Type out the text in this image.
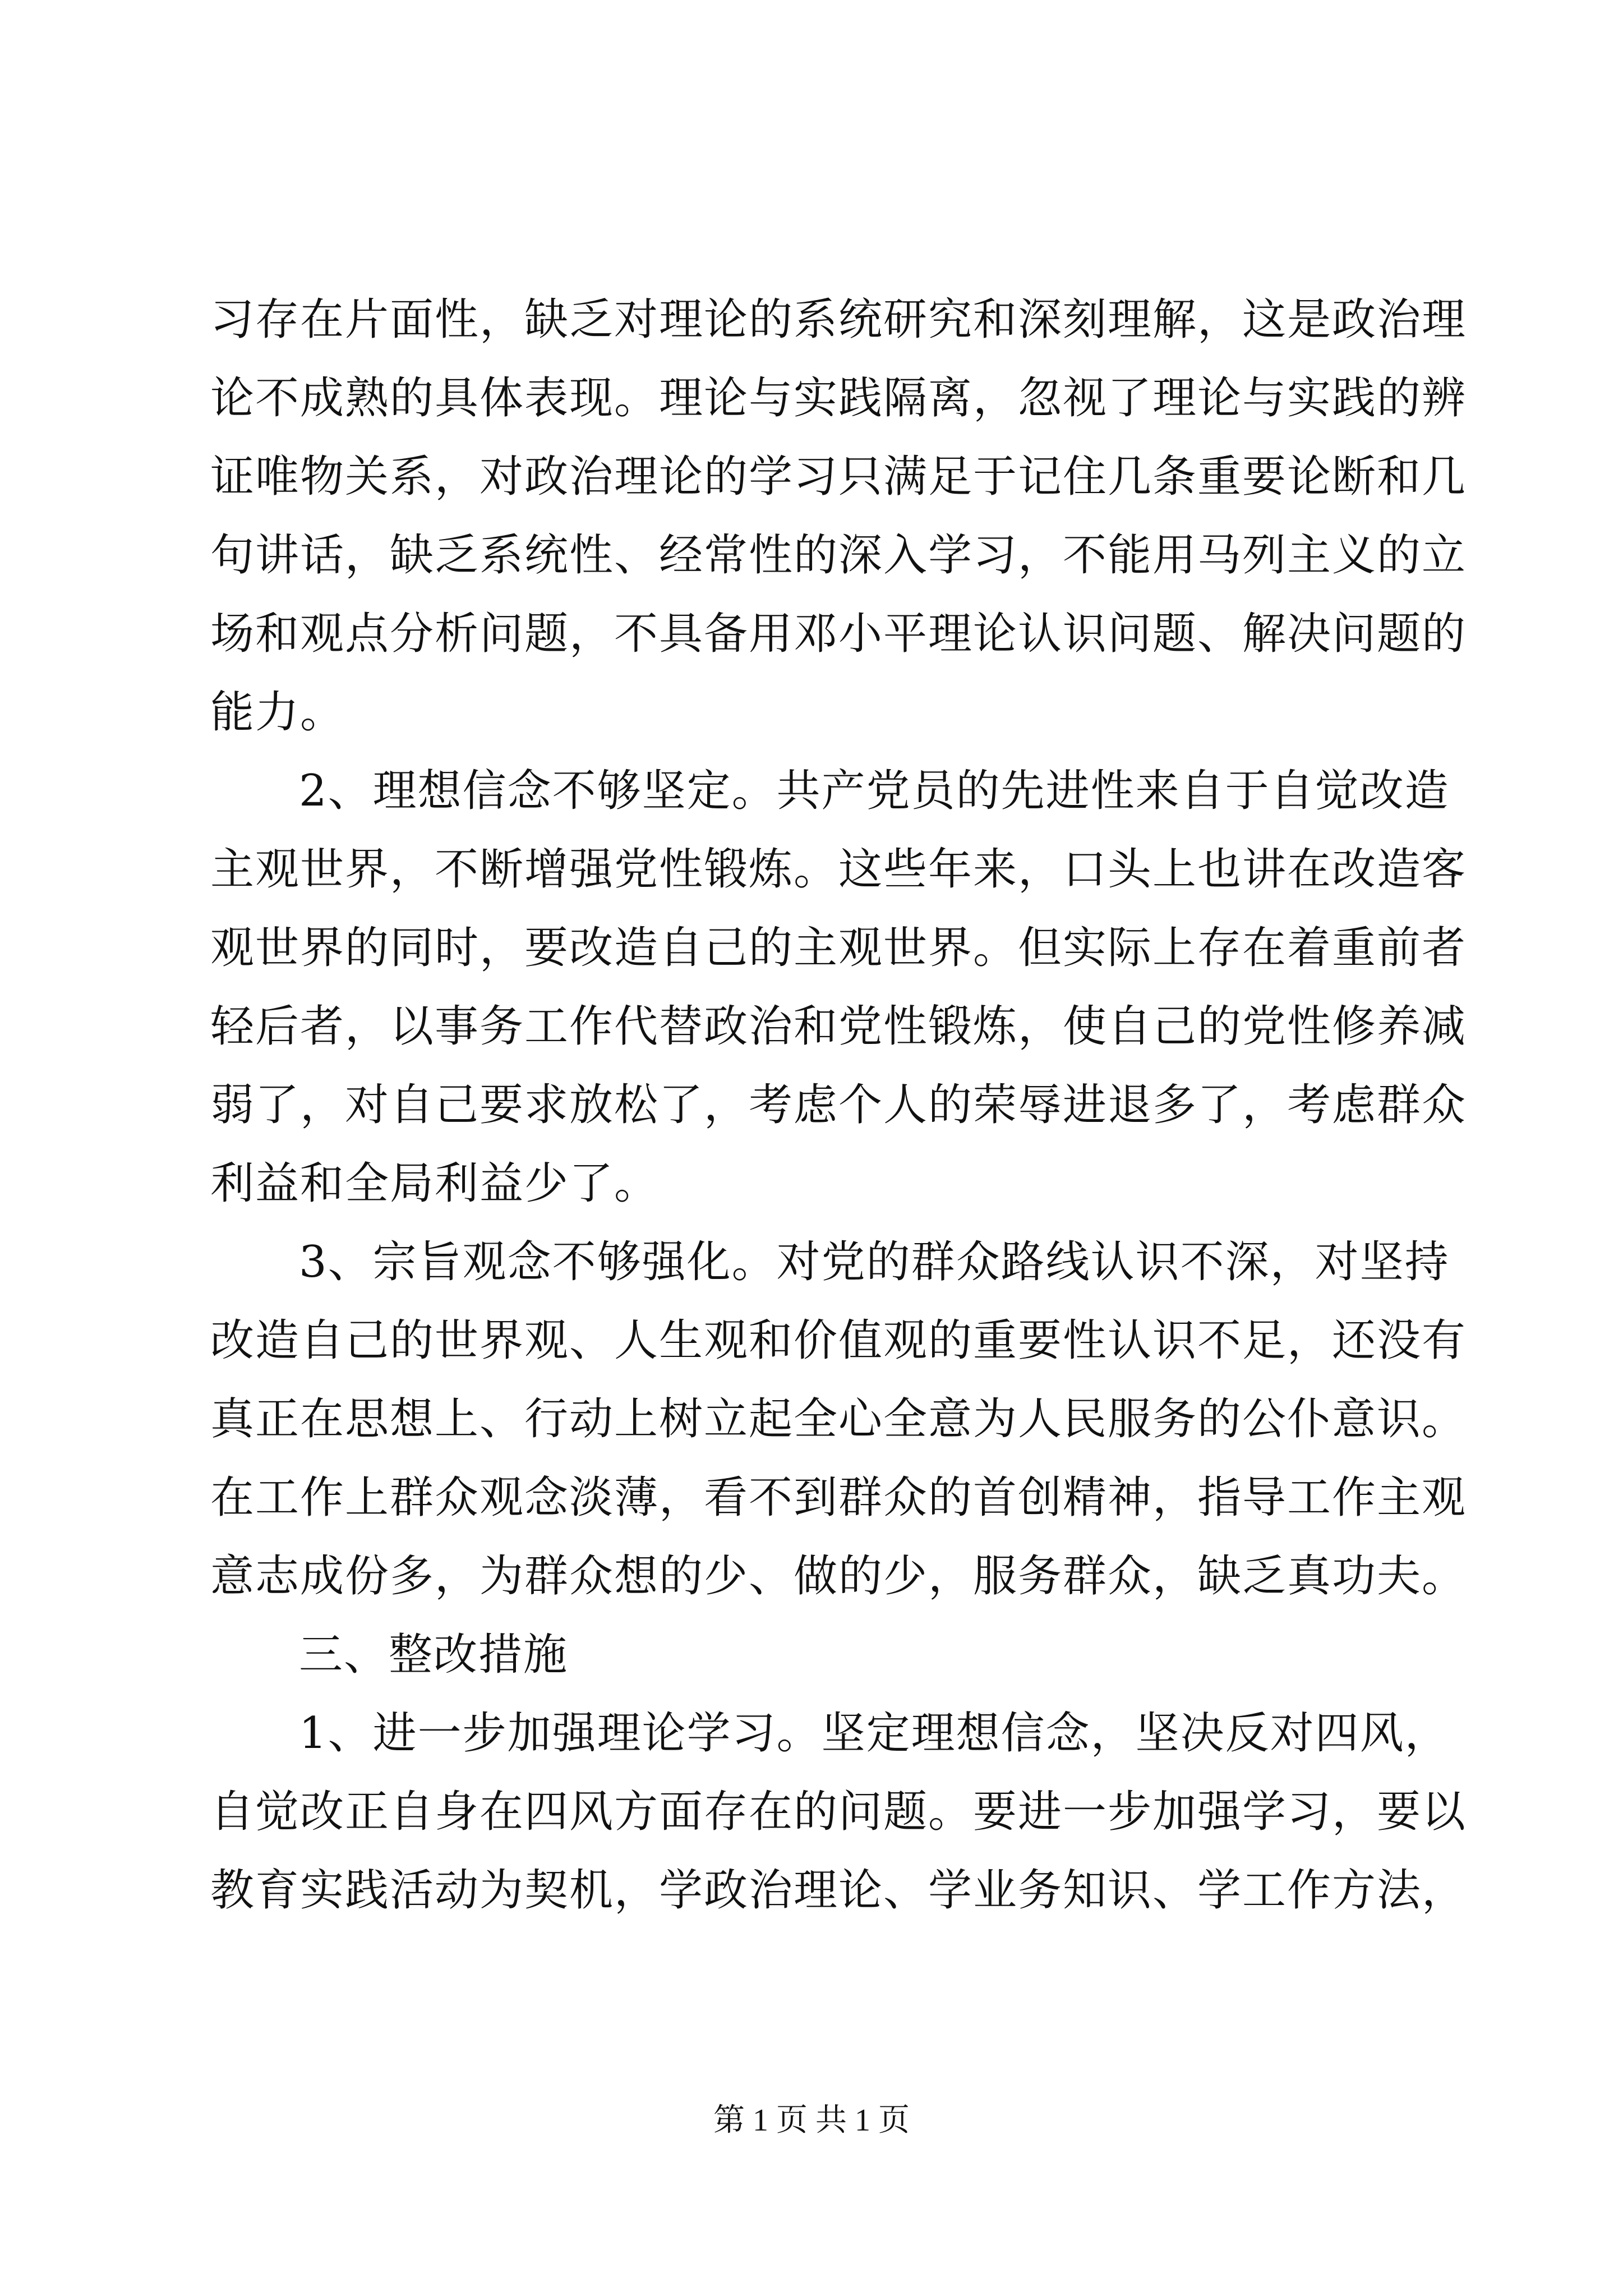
习存在片面性，缺乏对理论的系统研究和深刻理解，这是政治理
论不成熟的具体表现。理论与实践隔离，忽视了理论与实践的辨
证唯物关系，对政治理论的学习只满足于记住几条重要论断和几
句讲话，缺乏系统性、经常性的深入学习，不能用马列主义的立
场和观点分析问题，不具备用邓小平理论认识问题、解决问题的
能力。
2、理想信念不够坚定。共产党员的先进性来自于自觉改造
主观世界，不断增强党性锻炼。这些年来，口头上也讲在改造客
观世界的同时，要改造自己的主观世界。但实际上存在着重前者
轻后者，以事务工作代替政治和党性锻炼，使自己的党性修养减
弱了，对自己要求放松了，考虑个人的荣辱进退多了，考虑群众
利益和全局利益少了。
3、宗旨观念不够强化。对党的群众路线认识不深，对坚持
改造自己的世界观、人生观和价值观的重要性认识不足，还没有
真正在思想上、行动上树立起全心全意为人民服务的公仆意识。
在工作上群众观念淡薄，看不到群众的首创精神，指导工作主观
意志成份多，为群众想的少、做的少，服务群众，缺乏真功夫。
三、整改措施
1、进一步加强理论学习。坚定理想信念，坚决反对四风，
自觉改正自身在四风方面存在的问题。要进一步加强学习，要以
教育实践活动为契机，学政治理论、学业务知识、学工作方法，
第 1 页 共 1 页
